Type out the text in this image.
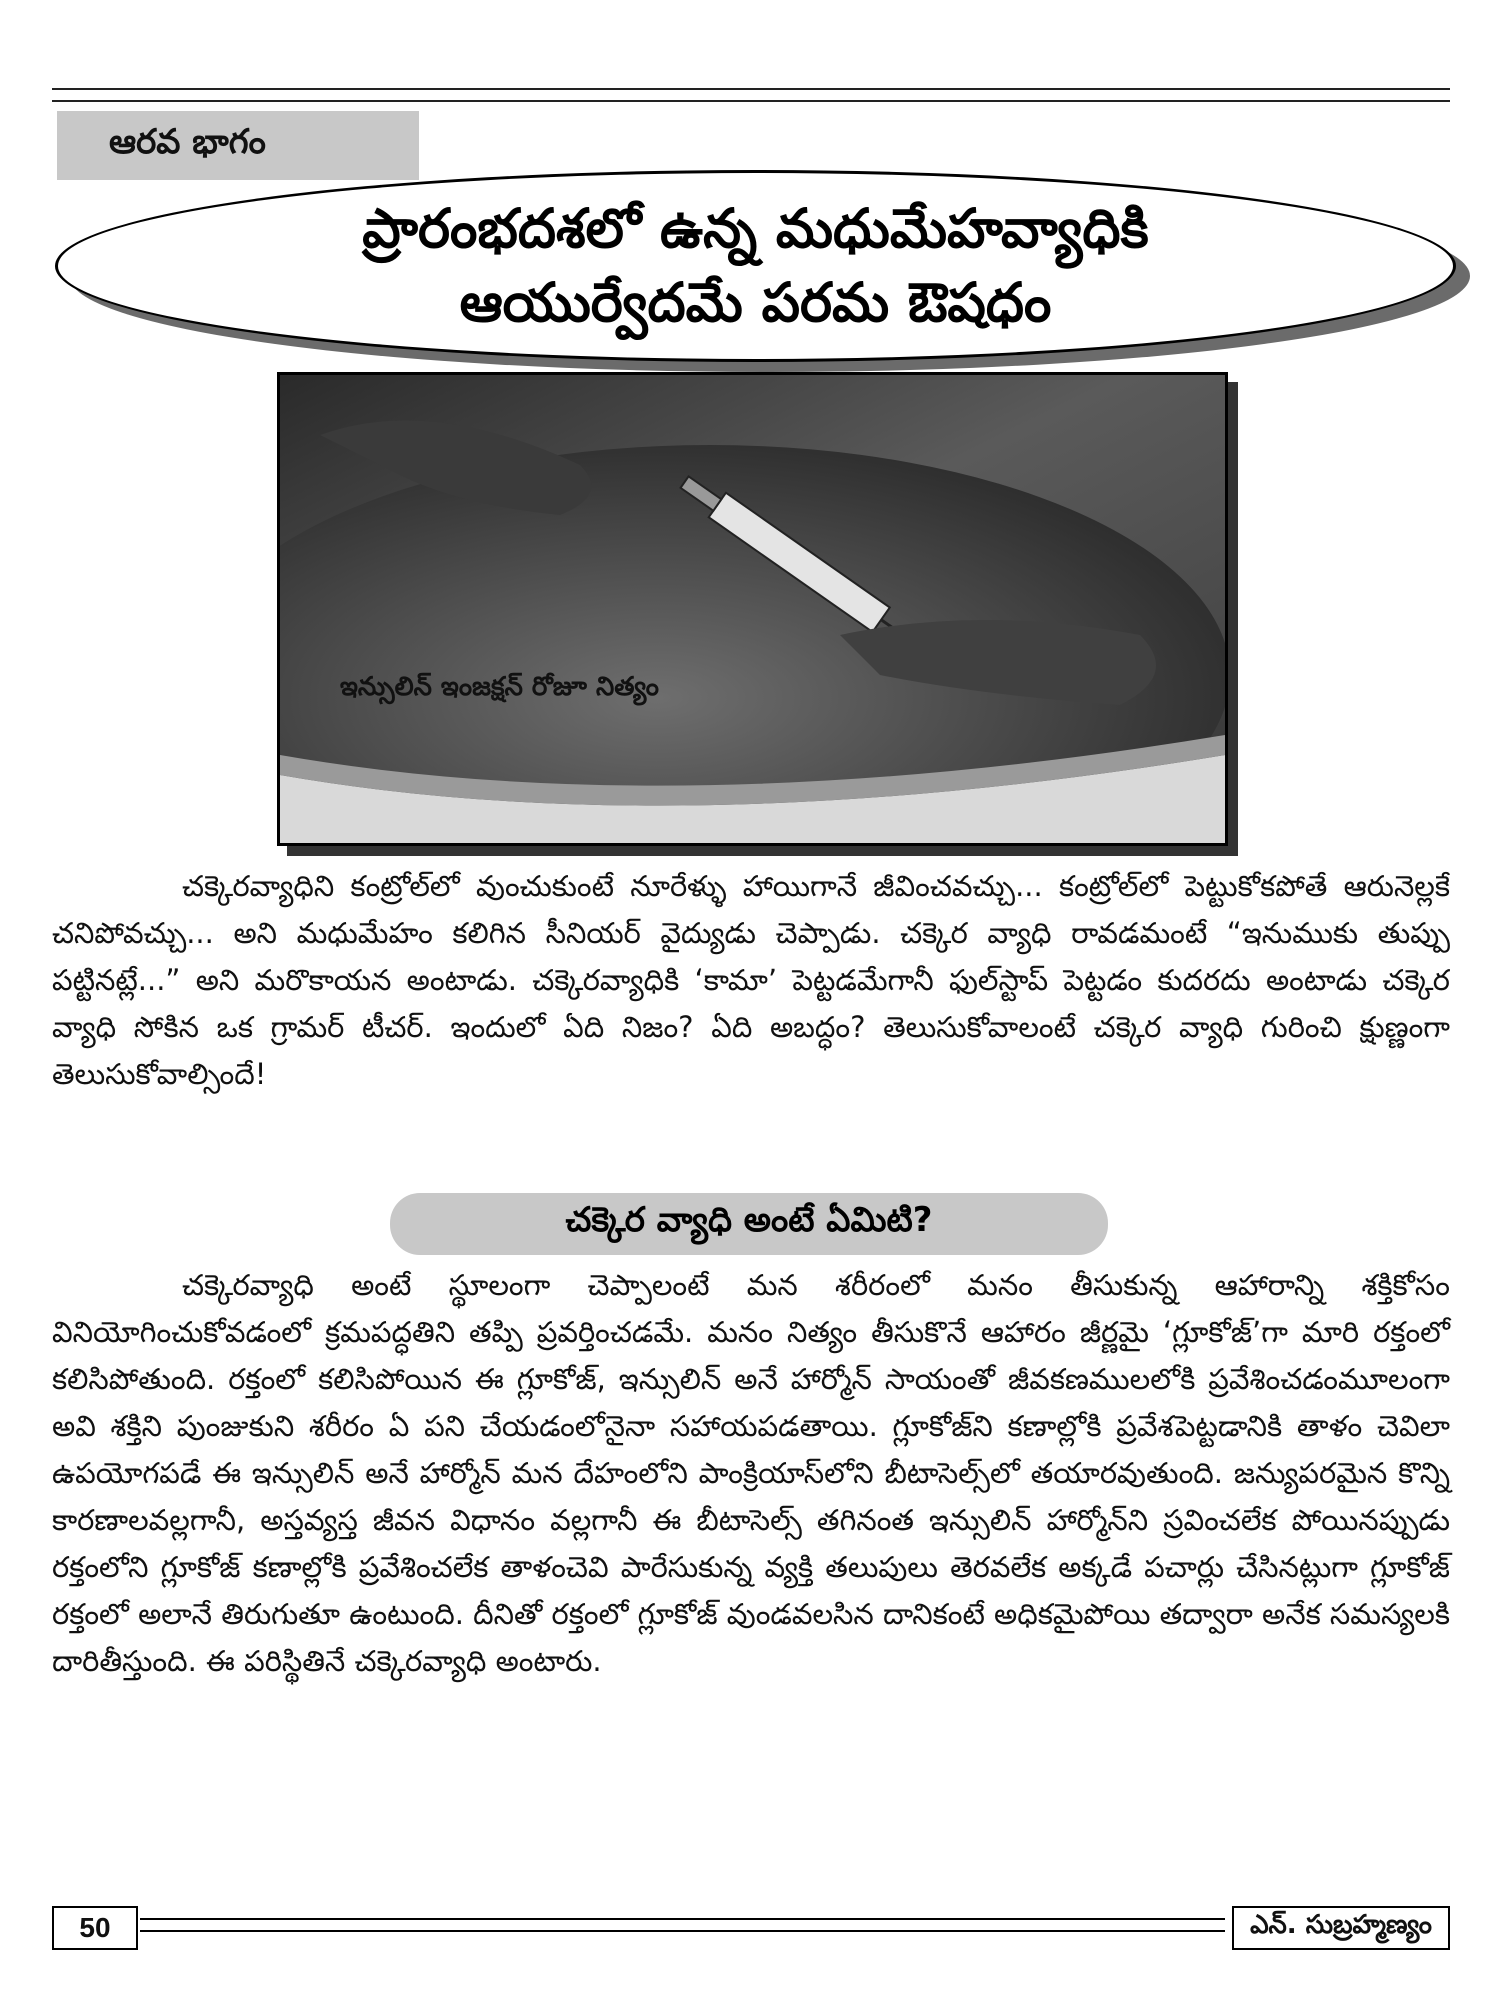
ఆరవ భాగం
ప్రారంభదశలో ఉన్న మధుమేహవ్యాధికి
ఆయుర్వేదమే పరమ ఔషధం
ఇన్సులిన్‌ ఇంజక్షన్‌ రోజూ నిత్యం
చక్కెరవ్యాధిని కంట్రోల్‌లో వుంచుకుంటే నూరేళ్ళు హాయిగానే జీవించవచ్చు... కంట్రోల్‌లో పెట్టుకోకపోతే ఆరునెల్లకే చనిపోవచ్చు... అని మధుమేహం కలిగిన సీనియర్ వైద్యుడు చెప్పాడు. చక్కెర వ్యాధి రావడమంటే “ఇనుముకు తుప్పు పట్టినట్లే...” అని మరొకాయన అంటాడు. చక్కెరవ్యాధికి ‘కామా’ పెట్టడమేగానీ ఫుల్‌స్టాప్ పెట్టడం కుదరదు అంటాడు చక్కెర వ్యాధి సోకిన ఒక గ్రామర్ టీచర్. ఇందులో ఏది నిజం? ఏది అబద్ధం? తెలుసుకోవాలంటే చక్కెర వ్యాధి గురించి క్షుణ్ణంగా తెలుసుకోవాల్సిందే!
చక్కెర వ్యాధి అంటే ఏమిటి?
చక్కెరవ్యాధి అంటే స్థూలంగా చెప్పాలంటే మన శరీరంలో మనం తీసుకున్న ఆహారాన్ని శక్తికోసం వినియోగించుకోవడంలో క్రమపద్ధతిని తప్పి ప్రవర్తించడమే. మనం నిత్యం తీసుకొనే ఆహారం జీర్ణమై ‘గ్లూకోజ్’గా మారి రక్తంలో కలిసిపోతుంది. రక్తంలో కలిసిపోయిన ఈ గ్లూకోజ్, ఇన్సులిన్ అనే హార్మోన్ సాయంతో జీవకణములలోకి ప్రవేశించడంమూలంగా అవి శక్తిని పుంజుకుని శరీరం ఏ పని చేయడంలోనైనా సహాయపడతాయి. గ్లూకోజ్‌ని కణాల్లోకి ప్రవేశపెట్టడానికి తాళం చెవిలా ఉపయోగపడే ఈ ఇన్సులిన్ అనే హార్మోన్ మన దేహంలోని పాంక్రియాస్‌లోని బీటాసెల్స్‌లో తయారవుతుంది. జన్యుపరమైన కొన్ని కారణాలవల్లగానీ, అస్తవ్యస్త జీవన విధానం వల్లగానీ ఈ బీటాసెల్స్ తగినంత ఇన్సులిన్ హార్మోన్‌ని స్రవించలేక పోయినప్పుడు రక్తంలోని గ్లూకోజ్ కణాల్లోకి ప్రవేశించలేక తాళంచెవి పారేసుకున్న వ్యక్తి తలుపులు తెరవలేక అక్కడే పచార్లు చేసినట్లుగా గ్లూకోజ్ రక్తంలో అలానే తిరుగుతూ ఉంటుంది. దీనితో రక్తంలో గ్లూకోజ్ వుండవలసిన దానికంటే అధికమైపోయి తద్వారా అనేక సమస్యలకి దారితీస్తుంది. ఈ పరిస్థితినే చక్కెరవ్యాధి అంటారు.
50	ఎన్. సుబ్రహ్మణ్యం
